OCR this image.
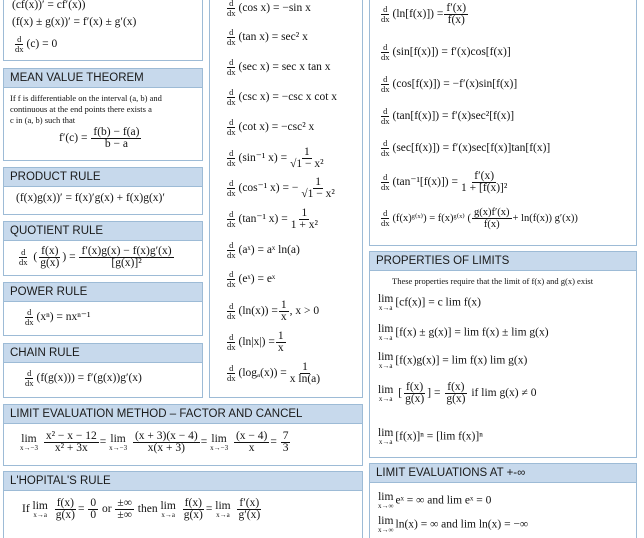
(cf(x))′ = cf′(x))
(f(x) ± g(x))′ = f′(x) ± g′(x)
$\frac{d}{dx} (c) = 0$
MEAN VALUE THEOREM
If f is differentiable on the interval (a, b) and
continuous at the end points there exists a
c in (a, b) such that
$f'(c) = \frac{f(b) - f(a)}{b - a}$
PRODUCT RULE
(f(x)g(x))′ = f(x)′g(x) + f(x)g(x)′
QUOTIENT RULE
$\frac{d}{dx}$ ( $\frac{f(x)}{g(x)}$ ) = $\frac{f'(x)g(x) - f(x)g'(x)}{\text{[g(x)]²}}$
POWER RULE
$\frac{d}{dx} (x^n) = nx^{n-1}$
CHAIN RULE
$\frac{d}{dx} (f(g(x))) = f'(g(x))g'(x)$
$\frac{d}{dx} (\cos$ x) = −sin x
$\frac{d}{dx} (\tan$ x) = sec² x
$\frac{d}{dx} (\sec$ x) = sec x tan x
$\frac{d}{dx} (\csc$ x) = −csc x cot x
$\frac{d}{dx} (\cot$ x) = −csc² x
$\frac{d}{dx} (\sin^{-1}$ $x) = \frac{1}{\text{√1 − x²}}$
$\frac{d}{dx} (\cos^{-1}$ x) = − $\frac{1}{\text{√1 − x²}}$
$\frac{d}{dx} (\tan^{-1}$ $x) = \frac{1}{\text{1 + x²}}$
$\frac{d}{dx}$ (aˣ) = aˣ ln(a)
$\frac{d}{dx}$ (eˣ) = eˣ
$\frac{d}{dx} (\ln(x)) = \frac{1}{x}$ , x > 0
$\frac{d}{dx} (\ln|x|) = \frac{1}{x}$
$\frac{d}{dx} (\log_a(x)) = \frac{1}{\text{x ln(a)}}$
$\frac{d}{dx} (\ln[f(x)]) = \frac{f'(x)}{f(x)}$
$\frac{d}{dx} (\sin[f(x)]) = f'(x)\cos[f(x)]$
$\frac{d}{dx} (\cos[f(x)]) = -f'(x)\sin[f(x)]$
$\frac{d}{dx} (\tan[f(x)]) = f'(x)\sec^2[f(x)]$
$\frac{d}{dx} (\sec[f(x)]) = f'(x)\sec[f(x)]\tan[f(x)]$
$\frac{d}{dx} (\tan^{-1}[f(x)]) = \frac{f'(x)}{\text{1 + [f(x)]²}}$
$\frac{d}{dx}$ (f(x)ᵍ⁽ˣ⁾) = f(x)ᵍ⁽ˣ⁾ ( $\frac{g(x)f'(x)}{f(x)} + \ln(f(x))$ g′(x))
PROPERTIES OF LIMITS
These properties require that the limit of f(x) and g(x) exist
lim
x→a [cf(x)] = c lim f(x)
lim
x→a [f(x) ± g(x)] = lim f(x) ± lim g(x)
lim
x→a [f(x)g(x)] = lim f(x) lim g(x)
lim
x→a [ $\frac{f(x)}{g(x)}$ ] = $\frac{f(x)}{g(x)}$ if lim g(x) ≠ 0
lim
x→a [f(x)]ⁿ = [lim f(x)]ⁿ
LIMIT EVALUATIONS AT +-∞
lim
x→∞ eˣ = ∞ and lim eˣ = 0
lim
x→∞ ln(x) = ∞ and lim ln(x) = −∞
LIMIT EVALUATION METHOD – FACTOR AND CANCEL
lim
x→−3
$\frac{\text{x² − x − 12}}{\text{x² + 3x}} = \lim$
x→−3
$\frac{(x + 3)(x - 4)}{x(x + 3)} = \lim$
x→−3
$\frac{(x - 4)}{x} = \frac{7}{3}$
L'HOPITAL'S RULE
If lim
x→a
$\frac{f(x)}{g(x)} = \frac{0}{0}$ or
±∞
±∞ then lim
x→a
$\frac{f(x)}{g(x)} = \lim$
x→a
$\frac{f'(x)}{g'(x)}$
